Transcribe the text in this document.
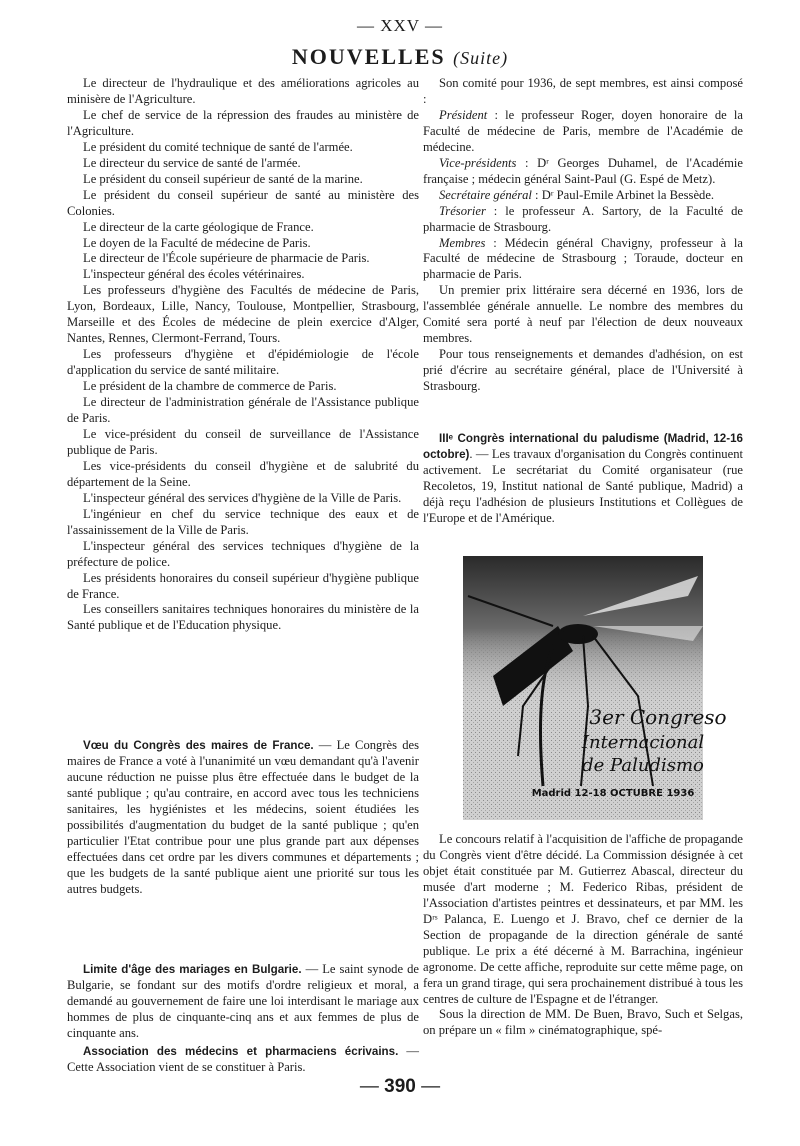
— XXV —
NOUVELLES (Suite)

Le directeur de l'hydraulique et des améliorations agricoles au minisère de l'Agriculture.

Le chef de service de la répression des fraudes au ministère de l'Agriculture.

Le président du comité technique de santé de l'armée.

Le directeur du service de santé de l'armée.

Le président du conseil supérieur de santé de la marine.

Le président du conseil supérieur de santé au ministère des Colonies.

Le directeur de la carte géologique de France.

Le doyen de la Faculté de médecine de Paris.

Le directeur de l'École supérieure de pharmacie de Paris.

L'inspecteur général des écoles vétérinaires.

Les professeurs d'hygiène des Facultés de médecine de Paris, Lyon, Bordeaux, Lille, Nancy, Toulouse, Montpellier, Strasbourg, Marseille et des Écoles de médecine de plein exercice d'Alger, Nantes, Rennes, Clermont-Ferrand, Tours.

Les professeurs d'hygiène et d'épidémiologie de l'école d'application du service de santé militaire.

Le président de la chambre de commerce de Paris.

Le directeur de l'administration générale de l'Assistance publique de Paris.

Le vice-président du conseil de surveillance de l'Assistance publique de Paris.

Les vice-présidents du conseil d'hygiène et de salubrité du département de la Seine.

L'inspecteur général des services d'hygiène de la Ville de Paris.

L'ingénieur en chef du service technique des eaux et de l'assainissement de la Ville de Paris.

L'inspecteur général des services techniques d'hygiène de la préfecture de police.

Les présidents honoraires du conseil supérieur d'hygiène publique de France.

Les conseillers sanitaires techniques honoraires du ministère de la Santé publique et de l'Education physique.

Vœu du Congrès des maires de France. — Le Congrès des maires de France a voté à l'unanimité un vœu demandant qu'à l'avenir aucune réduction ne puisse plus être effectuée dans le budget de la santé publique ; qu'au contraire, en accord avec tous les techniciens sanitaires, les hygiénistes et les médecins, soient étudiées les possibilités d'augmentation du budget de la santé publique ; qu'en particulier l'Etat contribue pour une plus grande part aux dépenses effectuées dans cet ordre par les divers communes et départements ; que les budgets de la santé publique aient une priorité sur tous les autres budgets.

Limite d'âge des mariages en Bulgarie. — Le saint synode de Bulgarie, se fondant sur des motifs d'ordre religieux et moral, a demandé au gouvernement de faire une loi interdisant le mariage aux hommes de plus de cinquante-cinq ans et aux femmes de plus de cinquante ans.

Association des médecins et pharmaciens écrivains. — Cette Association vient de se constituer à Paris.

Son comité pour 1936, de sept membres, est ainsi composé :

Président : le professeur Roger, doyen honoraire de la Faculté de médecine de Paris, membre de l'Académie de médecine.

Vice-présidents : Dʳ Georges Duhamel, de l'Académie française ; médecin général Saint-Paul (G. Espé de Metz).

Secrétaire général : Dʳ Paul-Emile Arbinet la Bessède.

Trésorier : le professeur A. Sartory, de la Faculté de pharmacie de Strasbourg.

Membres : Médecin général Chavigny, professeur à la Faculté de médecine de Strasbourg ; Toraude, docteur en pharmacie de Paris.

Un premier prix littéraire sera décerné en 1936, lors de l'assemblée générale annuelle. Le nombre des membres du Comité sera porté à neuf par l'élection de deux nouveaux membres.

Pour tous renseignements et demandes d'adhésion, on est prié d'écrire au secrétaire général, place de l'Université à Strasbourg.

IIIᵉ Congrès international du paludisme (Madrid, 12-16 octobre). — Les travaux d'organisation du Congrès continuent activement. Le secrétariat du Comité organisateur (rue Recoletos, 19, Institut national de Santé publique, Madrid) a déjà reçu l'adhésion de plusieurs Institutions et Collègues de l'Europe et de l'Amérique.

3er Congreso
Internacional
de Paludismo
Madrid 12-18 OCTUBRE 1936

Le concours relatif à l'acquisition de l'affiche de propagande du Congrès vient d'être décidé. La Commission désignée à cet objet était constituée par M. Gutierrez Abascal, directeur du musée d'art moderne ; M. Federico Ribas, président de l'Association d'artistes peintres et dessinateurs, et par MM. les Dʳˢ Palanca, E. Luengo et J. Bravo, chef ce dernier de la Section de propagande de la direction générale de santé publique. Le prix a été décerné à M. Barrachina, ingénieur agronome. De cette affiche, reproduite sur cette même page, on fera un grand tirage, qui sera prochainement distribué à tous les centres de culture de l'Espagne et de l'étranger.

Sous la direction de MM. De Buen, Bravo, Such et Selgas, on prépare un « film » cinématographique, spé-

— 390 —
